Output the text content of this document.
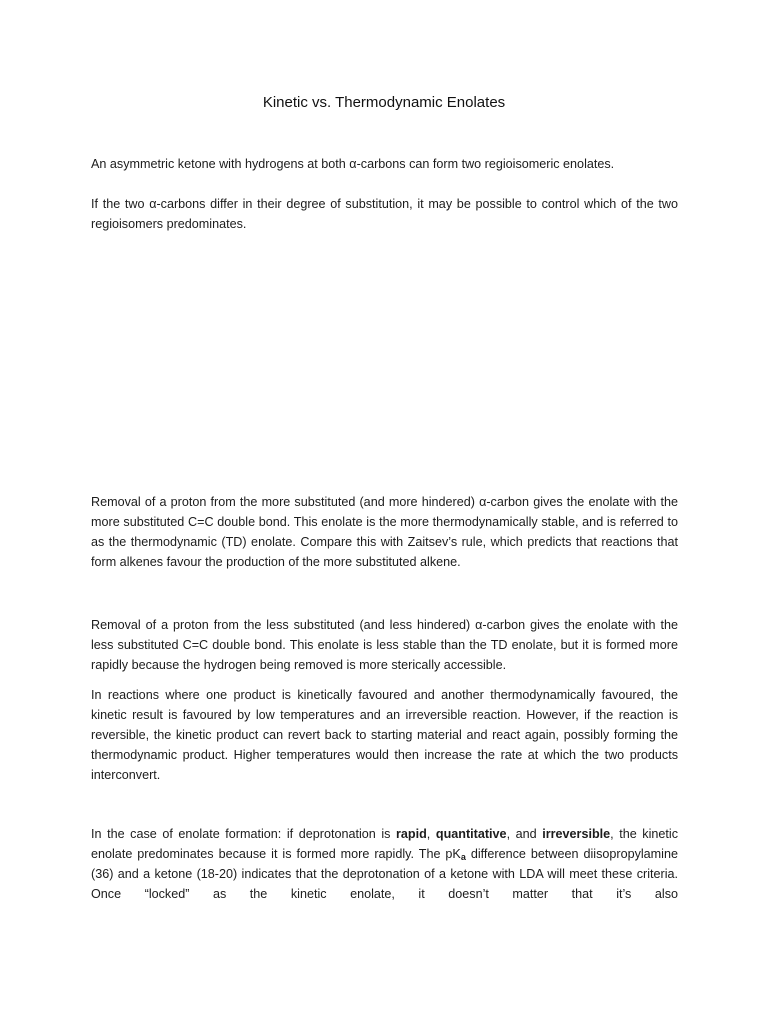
Kinetic vs. Thermodynamic Enolates

An asymmetric ketone with hydrogens at both α-carbons can form two regioisomeric enolates.

If the two α-carbons differ in their degree of substitution, it may be possible to control which of the two regioisomers predominates.

Removal of a proton from the more substituted (and more hindered) α-carbon gives the enolate with the more substituted C=C double bond. This enolate is the more thermodynamically stable, and is referred to as the thermodynamic (TD) enolate. Compare this with Zaitsev’s rule, which predicts that reactions that form alkenes favour the production of the more substituted alkene.

Removal of a proton from the less substituted (and less hindered) α-carbon gives the enolate with the less substituted C=C double bond. This enolate is less stable than the TD enolate, but it is formed more rapidly because the hydrogen being removed is more sterically accessible.

In reactions where one product is kinetically favoured and another thermodynamically favoured, the kinetic result is favoured by low temperatures and an irreversible reaction. However, if the reaction is reversible, the kinetic product can revert back to starting material and react again, possibly forming the thermodynamic product. Higher temperatures would then increase the rate at which the two products interconvert.

In the case of enolate formation: if deprotonation is rapid, quantitative, and irreversible, the kinetic enolate predominates because it is formed more rapidly. The $pK_a$ difference between diisopropylamine (36) and a ketone (18-20) indicates that the deprotonation of a ketone with LDA will meet these criteria. Once “locked” as the kinetic enolate, it doesn’t matter that it’s also
